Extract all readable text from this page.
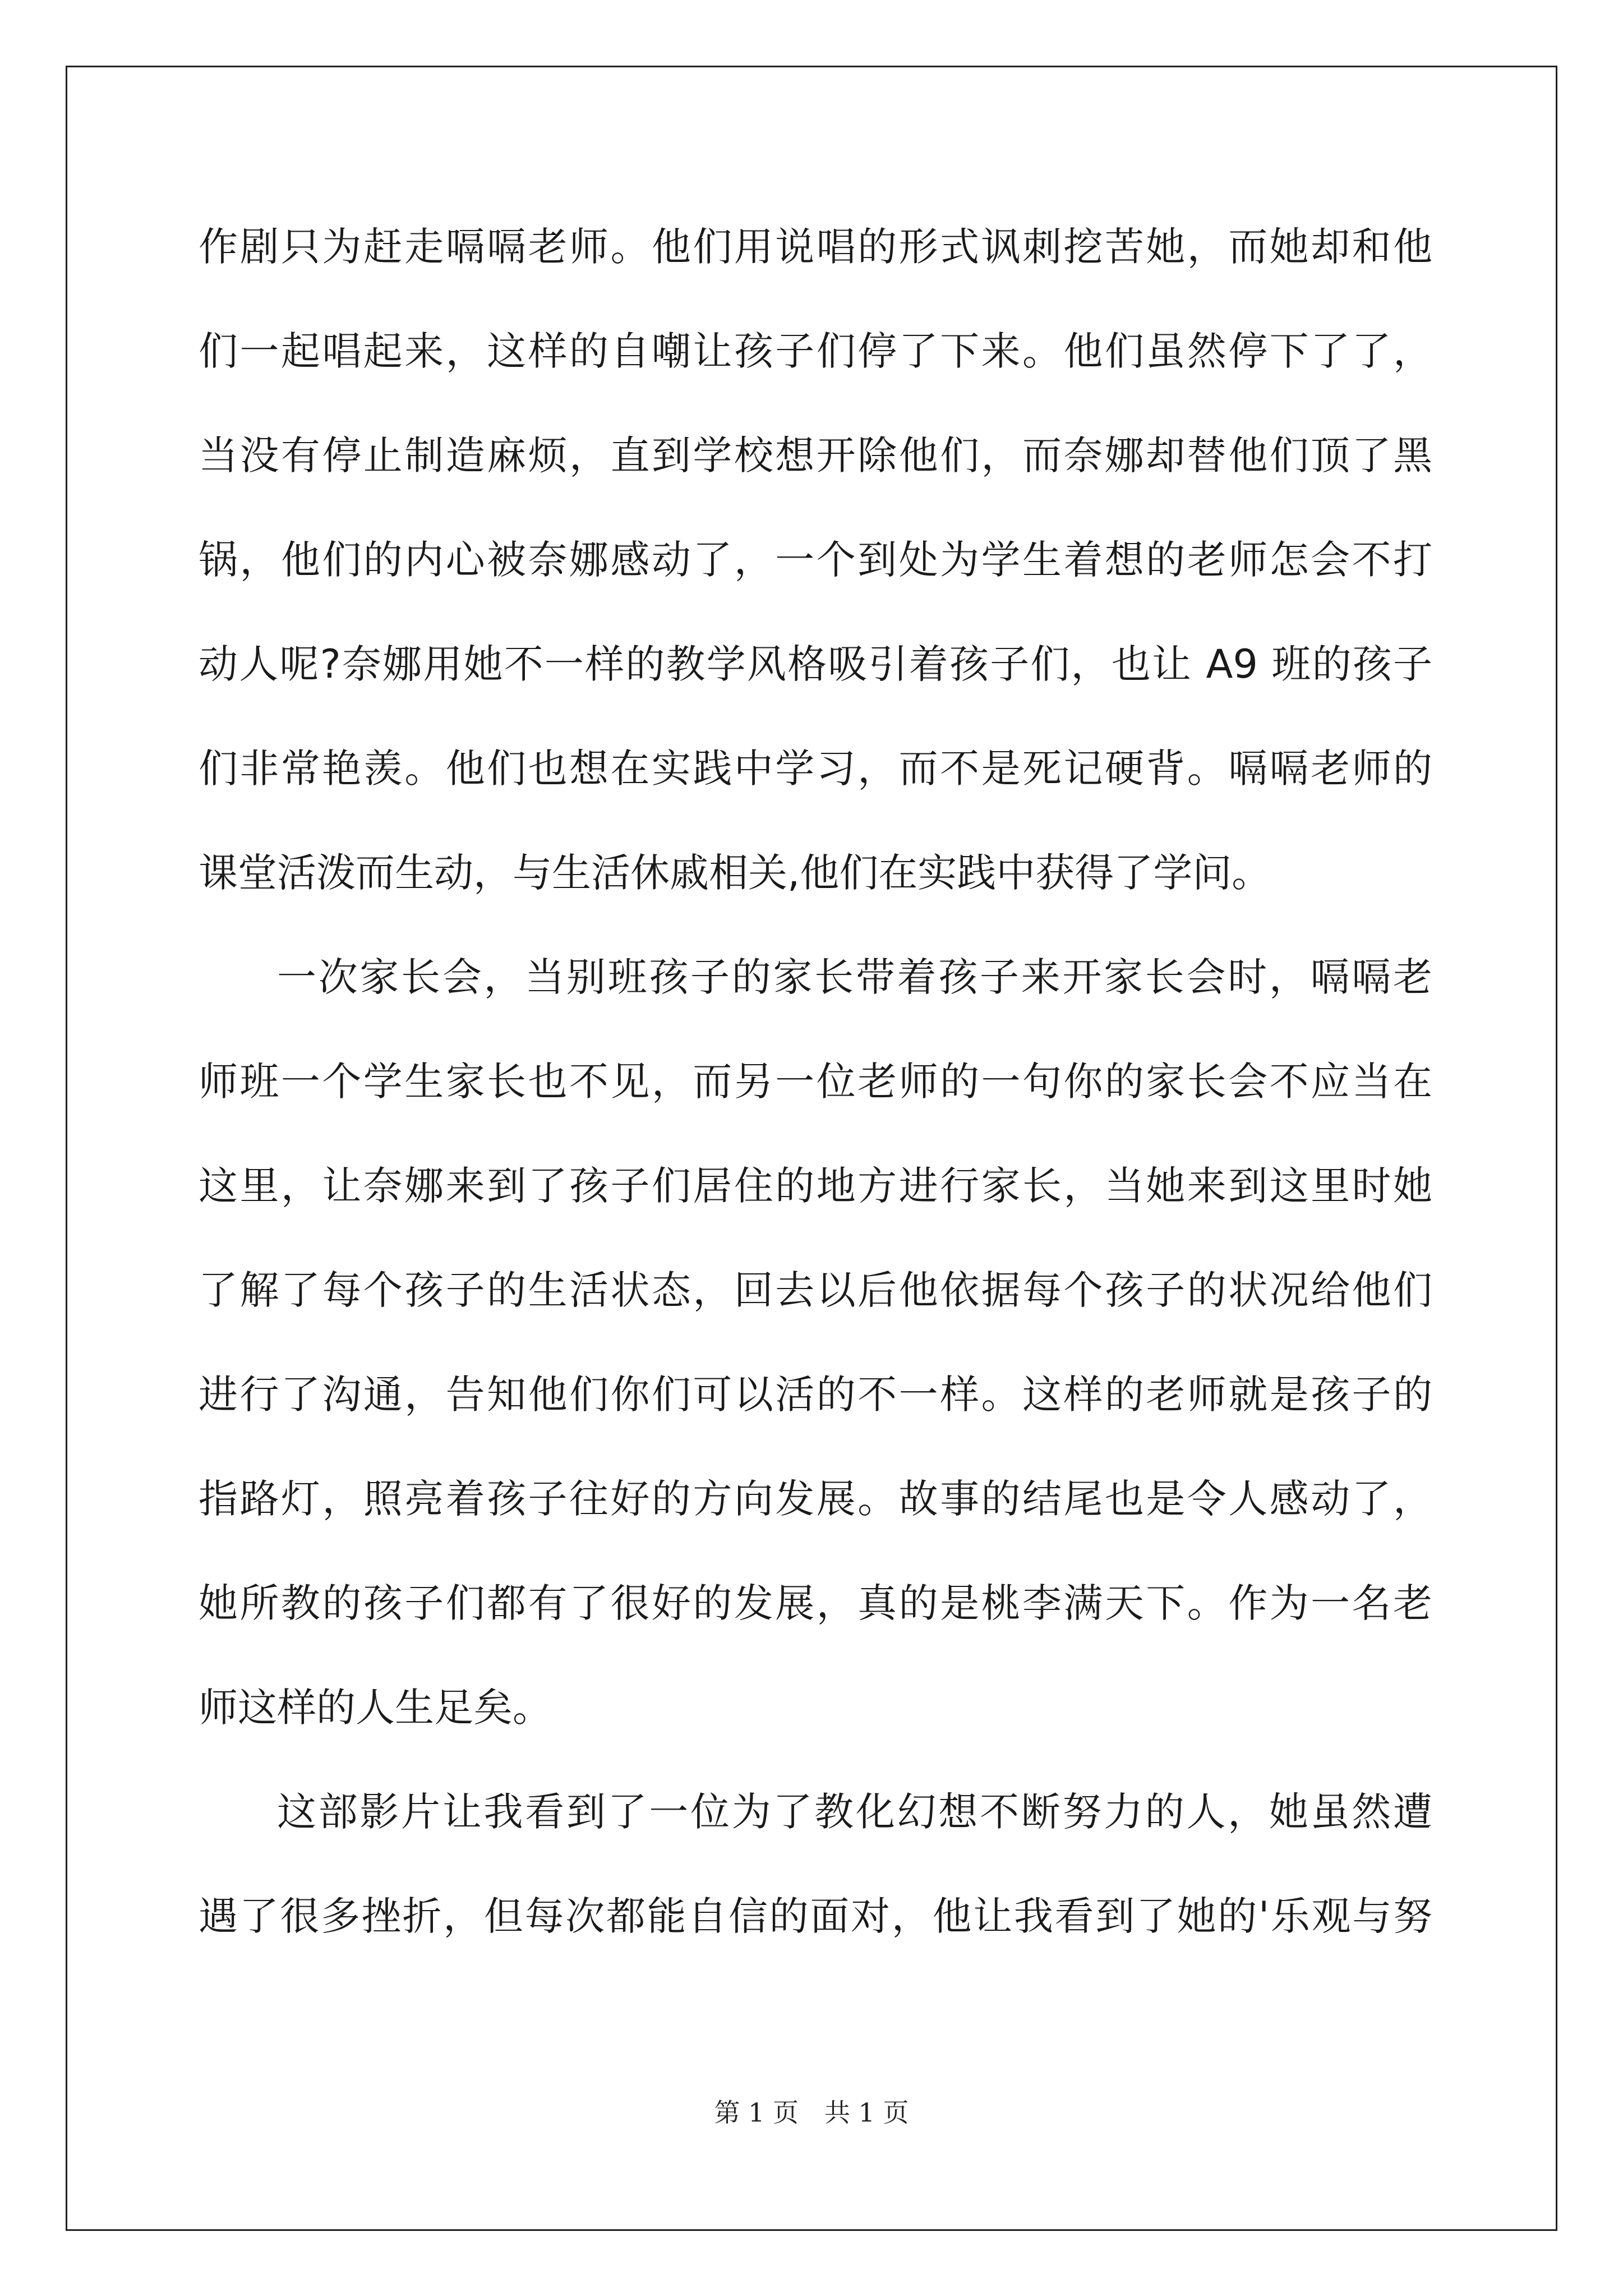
作剧只为赶走嗝嗝老师。他们用说唱的形式讽刺挖苦她，而她却和他
们一起唱起来，这样的自嘲让孩子们停了下来。他们虽然停下了了，
当没有停止制造麻烦，直到学校想开除他们，而奈娜却替他们顶了黑
锅，他们的内心被奈娜感动了，一个到处为学生着想的老师怎会不打
动人呢?奈娜用她不一样的教学风格吸引着孩子们，也让 A9 班的孩子
们非常艳羡。他们也想在实践中学习，而不是死记硬背。嗝嗝老师的
课堂活泼而生动，与生活休戚相关,他们在实践中获得了学问。
一次家长会，当别班孩子的家长带着孩子来开家长会时，嗝嗝老
师班一个学生家长也不见，而另一位老师的一句你的家长会不应当在
这里，让奈娜来到了孩子们居住的地方进行家长，当她来到这里时她
了解了每个孩子的生活状态，回去以后他依据每个孩子的状况给他们
进行了沟通，告知他们你们可以活的不一样。这样的老师就是孩子的
指路灯，照亮着孩子往好的方向发展。故事的结尾也是令人感动了，
她所教的孩子们都有了很好的发展，真的是桃李满天下。作为一名老
师这样的人生足矣。
这部影片让我看到了一位为了教化幻想不断努力的人，她虽然遭
遇了很多挫折，但每次都能自信的面对，他让我看到了她的'乐观与努
第 1 页　共 1 页
